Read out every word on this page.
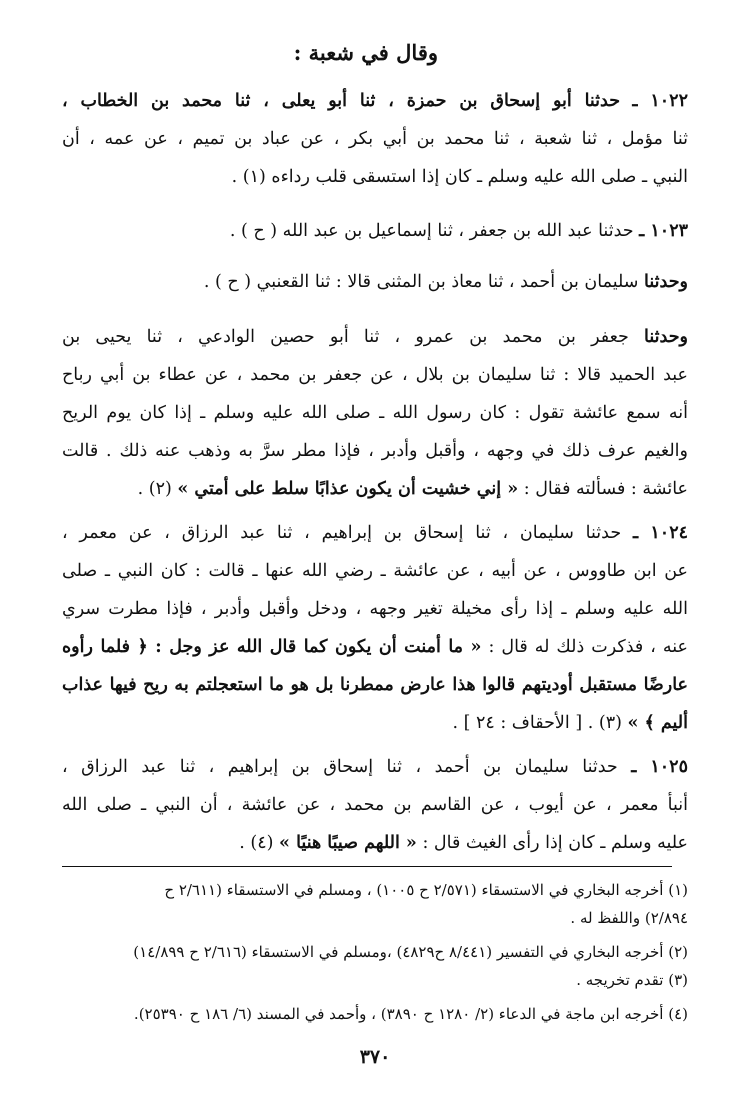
وقال في شعبة :
١٠٢٢ ـ حدثنا أبو إسحاق بن حمزة ، ثنا أبو يعلى ، ثنا محمد بن الخطاب ،
ثنا مؤمل ، ثنا شعبة ، ثنا محمد بن أبي بكر ، عن عباد بن تميم ، عن عمه ، أن
النبي ـ صلى الله عليه وسلم ـ كان إذا استسقى قلب رداءه (١) .
١٠٢٣ ـ حدثنا عبد الله بن جعفر ، ثنا إسماعيل بن عبد الله ( ح ) .
وحدثنا سليمان بن أحمد ، ثنا معاذ بن المثنى قالا : ثنا القعنبي ( ح ) .
وحدثنا جعفر بن محمد بن عمرو ، ثنا أبو حصين الوادعي ، ثنا يحيى بن
عبد الحميد قالا : ثنا سليمان بن بلال ، عن جعفر بن محمد ، عن عطاء بن أبي رباح
أنه سمع عائشة تقول : كان رسول الله ـ صلى الله عليه وسلم ـ إذا كان يوم الريح
والغيم عرف ذلك في وجهه ، وأقبل وأدبر ، فإذا مطر سرَّ به وذهب عنه ذلك . قالت
عائشة : فسألته فقال : « إني خشيت أن يكون عذابًا سلط على أمتي » (٢) .
١٠٢٤ ـ حدثنا سليمان ، ثنا إسحاق بن إبراهيم ، ثنا عبد الرزاق ، عن معمر ،
عن ابن طاووس ، عن أبيه ، عن عائشة ـ رضي الله عنها ـ قالت : كان النبي ـ صلى
الله عليه وسلم ـ إذا رأى مخيلة تغير وجهه ، ودخل وأقبل وأدبر ، فإذا مطرت سري
عنه ، فذكرت ذلك له قال : « ما أمنت أن يكون كما قال الله عز وجل : ﴿ فلما رأوه
عارضًا مستقبل أوديتهم قالوا هذا عارض ممطرنا بل هو ما استعجلتم به ريح فيها عذاب
أليم ﴾ » (٣) . [ الأحقاف : ٢٤ ] .
١٠٢٥ ـ حدثنا سليمان بن أحمد ، ثنا إسحاق بن إبراهيم ، ثنا عبد الرزاق ،
أنبأ معمر ، عن أيوب ، عن القاسم بن محمد ، عن عائشة ، أن النبي ـ صلى الله
عليه وسلم ـ كان إذا رأى الغيث قال : « اللهم صيبًا هنيًا » (٤) .
(١) أخرجه البخاري في الاستسقاء (٢/٥٧١ ح ١٠٠٥) ، ومسلم في الاستسقاء (٢/٦١١ ح
٢/٨٩٤) واللفظ له .
(٢) أخرجه البخاري في التفسير (٨/٤٤١ ح٤٨٢٩) ،ومسلم في الاستسقاء (٢/٦١٦ ح ١٤/٨٩٩)
(٣) تقدم تخريجه .
(٤) أخرجه ابن ماجة في الدعاء (٢/ ١٢٨٠ ح ٣٨٩٠) ، وأحمد في المسند (٦/ ١٨٦ ح ٢٥٣٩٠).
٣٧٠
